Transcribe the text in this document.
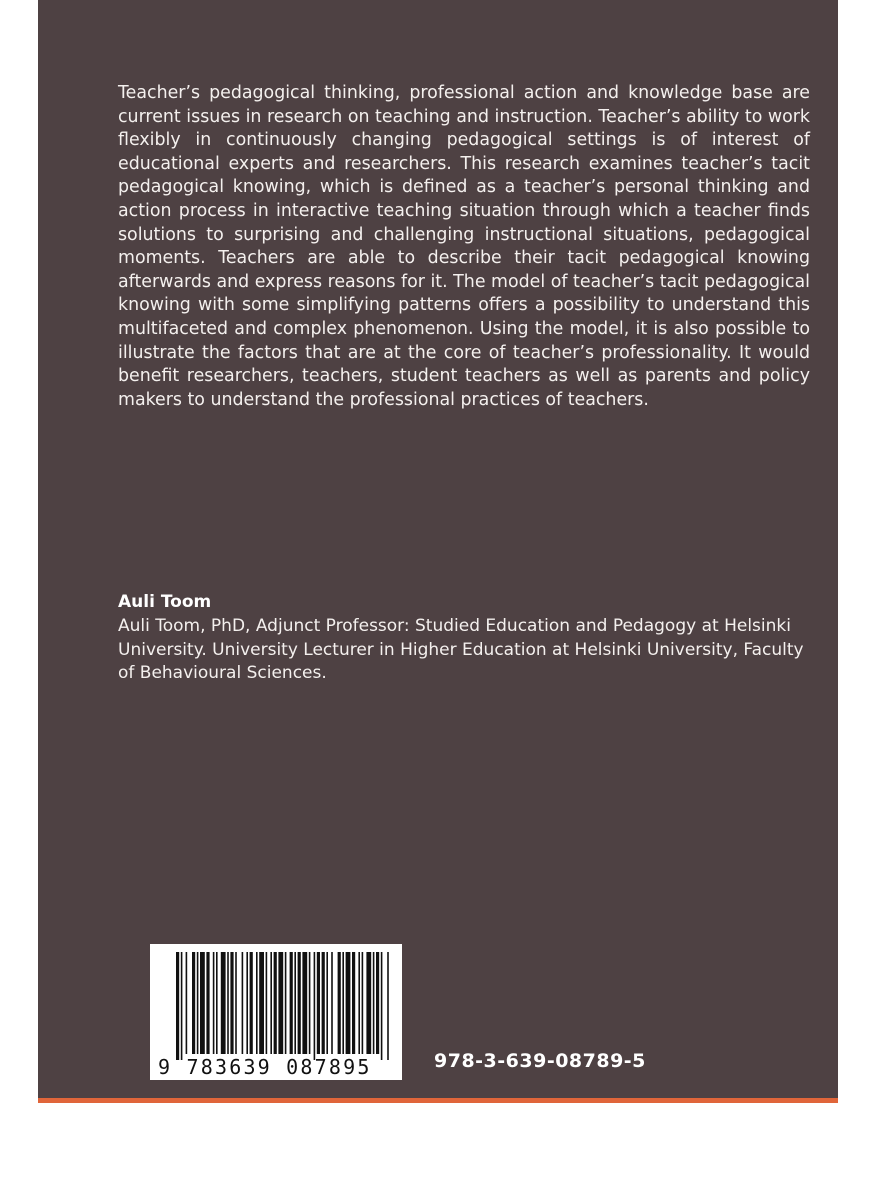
Teacher’s pedagogical thinking, professional action and knowledge base are current issues in research on teaching and instruction. Teacher’s ability to work flexibly in continuously changing pedagogical settings is of interest of educational experts and researchers. This research examines teacher’s tacit pedagogical knowing, which is defined as a teacher’s personal thinking and action process in interactive teaching situation through which a teacher finds solutions to surprising and challenging instructional situations, pedagogical moments. Teachers are able to describe their tacit pedagogical knowing afterwards and express reasons for it. The model of teacher’s tacit pedagogical knowing with some simplifying patterns offers a possibility to understand this multifaceted and complex phenomenon. Using the model, it is also possible to illustrate the factors that are at the core of teacher’s professionality. It would benefit researchers, teachers, student teachers as well as parents and policy makers to understand the professional practices of teachers.

Auli Toom

Auli Toom, PhD, Adjunct Professor: Studied Education and Pedagogy at Helsinki University. University Lecturer in Higher Education at Helsinki University, Faculty of Behavioural Sciences.

9 783639 087895	978-3-639-08789-5
